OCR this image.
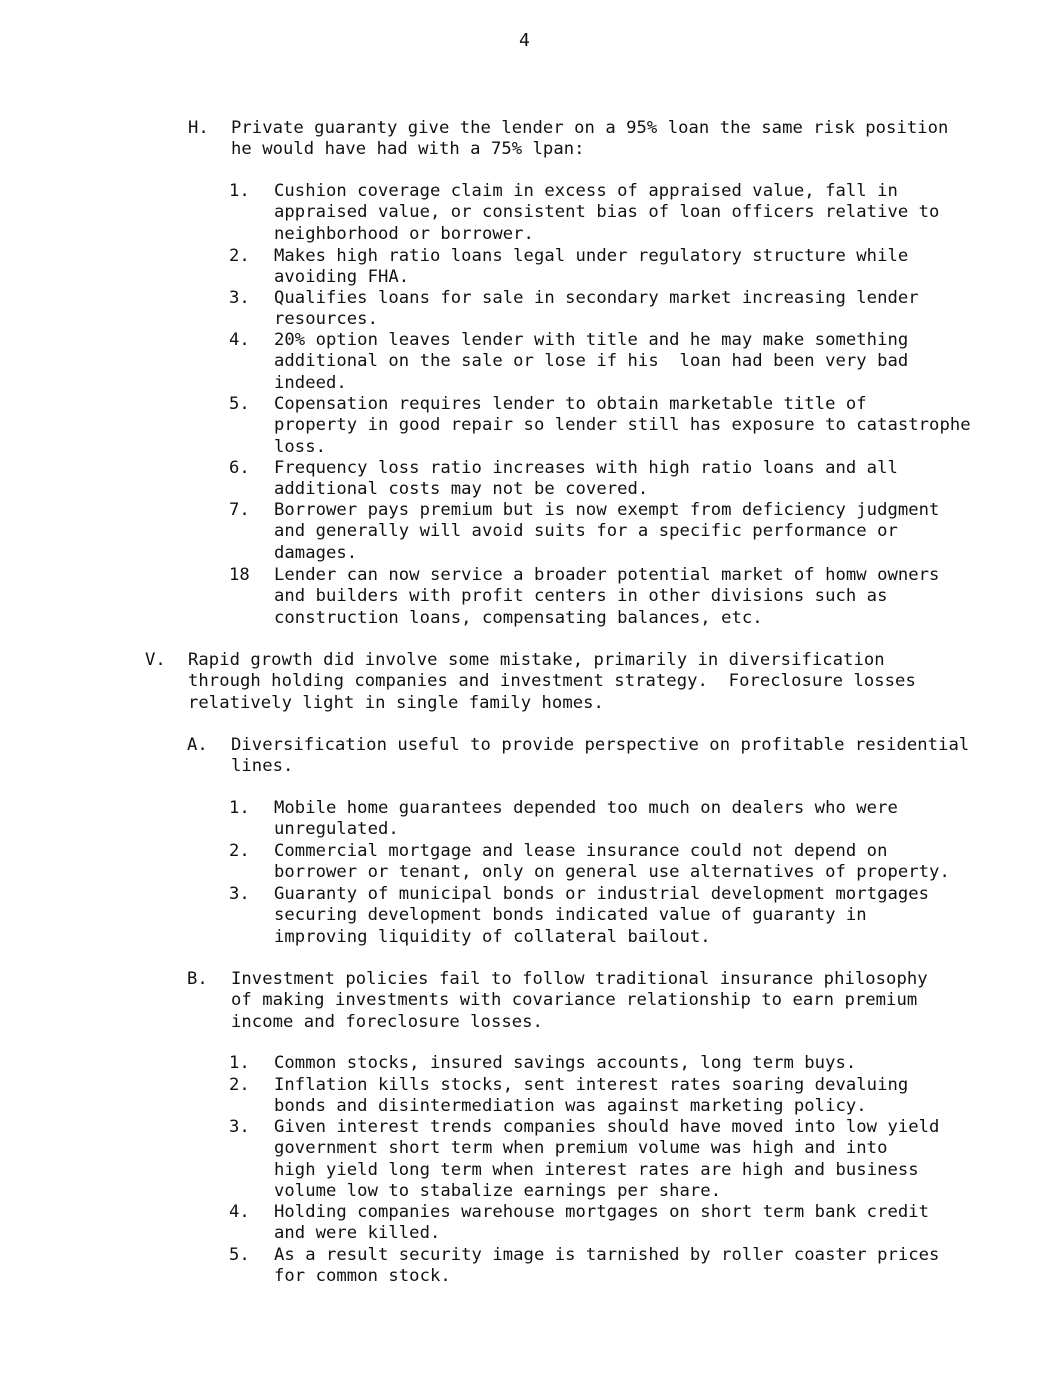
4
H. Private guaranty give the lender on a 95% loan the same risk position
he would have had with a 75% lpan:
1. Cushion coverage claim in excess of appraised value, fall in
appraised value, or consistent bias of loan officers relative to
neighborhood or borrower.
2. Makes high ratio loans legal under regulatory structure while
avoiding FHA.
3. Qualifies loans for sale in secondary market increasing lender
resources.
4. 20% option leaves lender with title and he may make something
additional on the sale or lose if his  loan had been very bad
indeed.
5. Copensation requires lender to obtain marketable title of
property in good repair so lender still has exposure to catastrophe
loss.
6. Frequency loss ratio increases with high ratio loans and all
additional costs may not be covered.
7. Borrower pays premium but is now exempt from deficiency judgment
and generally will avoid suits for a specific performance or
damages.
18 Lender can now service a broader potential market of homw owners
and builders with profit centers in other divisions such as
construction loans, compensating balances, etc.
V. Rapid growth did involve some mistake, primarily in diversification
through holding companies and investment strategy.  Foreclosure losses
relatively light in single family homes.
A. Diversification useful to provide perspective on profitable residential
lines.
1. Mobile home guarantees depended too much on dealers who were
unregulated.
2. Commercial mortgage and lease insurance could not depend on
borrower or tenant, only on general use alternatives of property.
3. Guaranty of municipal bonds or industrial development mortgages
securing development bonds indicated value of guaranty in
improving liquidity of collateral bailout.
B. Investment policies fail to follow traditional insurance philosophy
of making investments with covariance relationship to earn premium
income and foreclosure losses.
1. Common stocks, insured savings accounts, long term buys.
2. Inflation kills stocks, sent interest rates soaring devaluing
bonds and disintermediation was against marketing policy.
3. Given interest trends companies should have moved into low yield
government short term when premium volume was high and into
high yield long term when interest rates are high and business
volume low to stabalize earnings per share.
4. Holding companies warehouse mortgages on short term bank credit
and were killed.
5. As a result security image is tarnished by roller coaster prices
for common stock.
